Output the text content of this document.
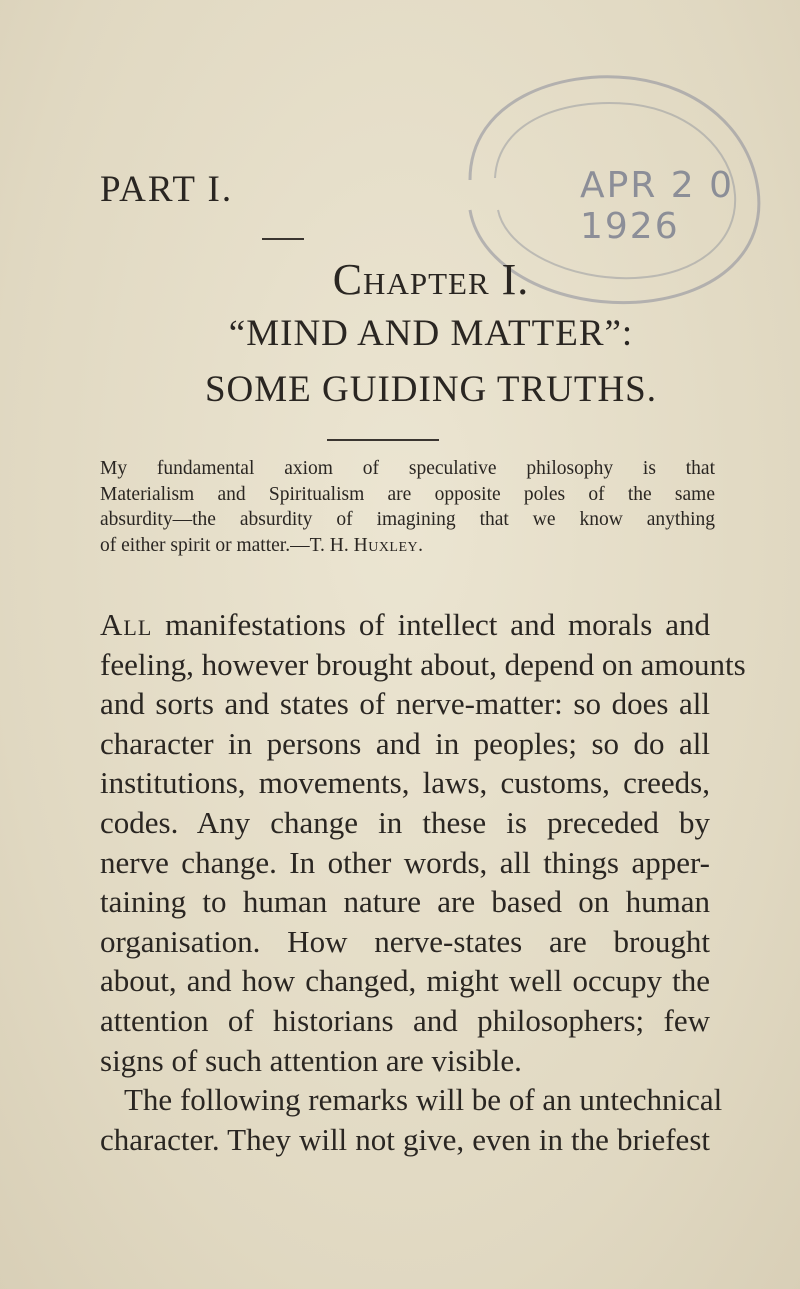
APR 2 0 1926
PART I.
Chapter I.
“MIND AND MATTER”:
SOME GUIDING TRUTHS.
My fundamental axiom of speculative philosophy is that
Materialism and Spiritualism are opposite poles of the same
absurdity—the absurdity of imagining that we know anything
of either spirit or matter.—T. H. Huxley.
All manifestations of intellect and morals and
feeling, however brought about, depend on amounts
and sorts and states of nerve-matter: so does all
character in persons and in peoples; so do all
institutions, movements, laws, customs, creeds,
codes. Any change in these is preceded by
nerve change. In other words, all things apper-
taining to human nature are based on human
organisation. How nerve-states are brought
about, and how changed, might well occupy the
attention of historians and philosophers; few
signs of such attention are visible.
The following remarks will be of an untechnical
character. They will not give, even in the briefest
